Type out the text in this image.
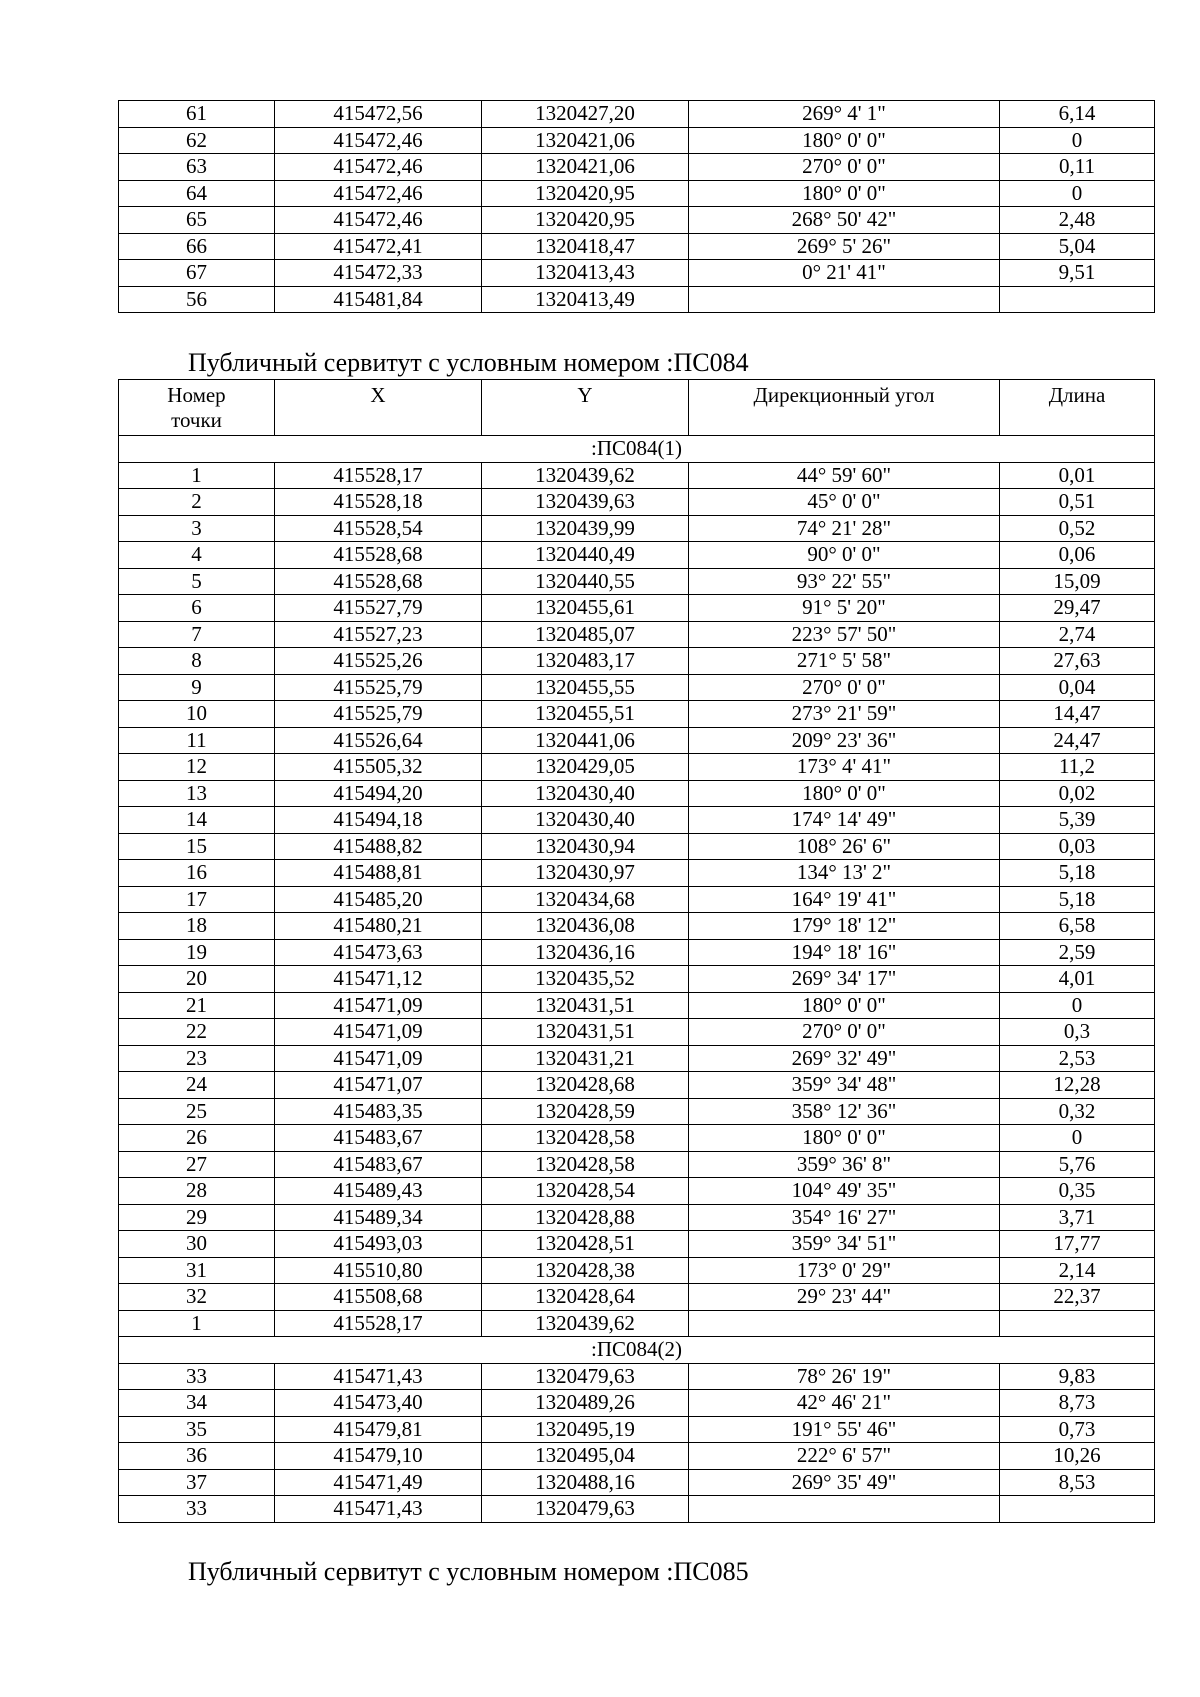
61	415472,56	1320427,20	269° 4' 1"	6,14
62	415472,46	1320421,06	180° 0' 0"	0
63	415472,46	1320421,06	270° 0' 0"	0,11
64	415472,46	1320420,95	180° 0' 0"	0
65	415472,46	1320420,95	268° 50' 42"	2,48
66	415472,41	1320418,47	269° 5' 26"	5,04
67	415472,33	1320413,43	0° 21' 41"	9,51
56	415481,84	1320413,49		
Публичный сервитут с условным номером :ПС084
Номер
точки	X	Y	Дирекционный угол	Длина
:ПС084(1)				
1	415528,17	1320439,62	44° 59' 60"	0,01
2	415528,18	1320439,63	45° 0' 0"	0,51
3	415528,54	1320439,99	74° 21' 28"	0,52
4	415528,68	1320440,49	90° 0' 0"	0,06
5	415528,68	1320440,55	93° 22' 55"	15,09
6	415527,79	1320455,61	91° 5' 20"	29,47
7	415527,23	1320485,07	223° 57' 50"	2,74
8	415525,26	1320483,17	271° 5' 58"	27,63
9	415525,79	1320455,55	270° 0' 0"	0,04
10	415525,79	1320455,51	273° 21' 59"	14,47
11	415526,64	1320441,06	209° 23' 36"	24,47
12	415505,32	1320429,05	173° 4' 41"	11,2
13	415494,20	1320430,40	180° 0' 0"	0,02
14	415494,18	1320430,40	174° 14' 49"	5,39
15	415488,82	1320430,94	108° 26' 6"	0,03
16	415488,81	1320430,97	134° 13' 2"	5,18
17	415485,20	1320434,68	164° 19' 41"	5,18
18	415480,21	1320436,08	179° 18' 12"	6,58
19	415473,63	1320436,16	194° 18' 16"	2,59
20	415471,12	1320435,52	269° 34' 17"	4,01
21	415471,09	1320431,51	180° 0' 0"	0
22	415471,09	1320431,51	270° 0' 0"	0,3
23	415471,09	1320431,21	269° 32' 49"	2,53
24	415471,07	1320428,68	359° 34' 48"	12,28
25	415483,35	1320428,59	358° 12' 36"	0,32
26	415483,67	1320428,58	180° 0' 0"	0
27	415483,67	1320428,58	359° 36' 8"	5,76
28	415489,43	1320428,54	104° 49' 35"	0,35
29	415489,34	1320428,88	354° 16' 27"	3,71
30	415493,03	1320428,51	359° 34' 51"	17,77
31	415510,80	1320428,38	173° 0' 29"	2,14
32	415508,68	1320428,64	29° 23' 44"	22,37
1	415528,17	1320439,62		
:ПС084(2)				
33	415471,43	1320479,63	78° 26' 19"	9,83
34	415473,40	1320489,26	42° 46' 21"	8,73
35	415479,81	1320495,19	191° 55' 46"	0,73
36	415479,10	1320495,04	222° 6' 57"	10,26
37	415471,49	1320488,16	269° 35' 49"	8,53
33	415471,43	1320479,63		
Публичный сервитут с условным номером :ПС085
